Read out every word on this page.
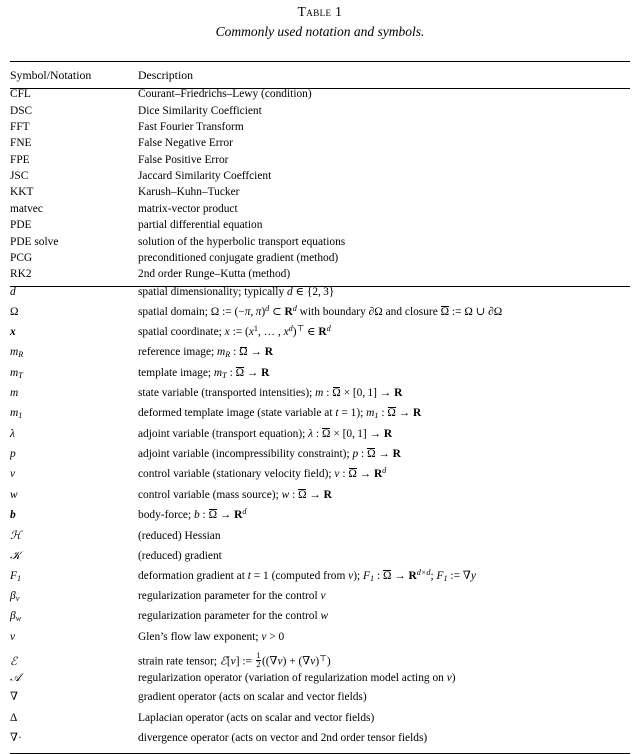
Table 1
Commonly used notation and symbols.
Symbol/Notation	Description
CFL	Courant–Friedrichs–Lewy (condition)
DSC	Dice Similarity Coefficient
FFT	Fast Fourier Transform
FNE	False Negative Error
FPE	False Positive Error
JSC	Jaccard Similarity Coeffcient
KKT	Karush–Kuhn–Tucker
matvec	matrix-vector product
PDE	partial differential equation
PDE solve	solution of the hyperbolic transport equations
PCG	preconditioned conjugate gradient (method)
RK2	2nd order Runge–Kutta (method)
d	spatial dimensionality; typically d ∈ {2, 3}
Ω	spatial domain; Ω := (−π, π)$^d$ ⊂ $R^d$ with boundary ∂Ω and closure Ω := Ω ∪ ∂Ω
x	spatial coordinate; x := ($x^1$, … , $x^d)^⊤$ ∈ $R^d$
$m_R$	reference image; $m_R$ : Ω → R
$m_T$	template image; $m_T$ : Ω → R
m	state variable (transported intensities); m : Ω × [0, 1] → R
$m_1$	deformed template image (state variable at t = 1); $m_1$ : Ω → R
λ	adjoint variable (transport equation); λ : Ω × [0, 1] → R
p	adjoint variable (incompressibility constraint); p : Ω → R
v	control variable (stationary velocity field); v : $\Omega \to R^d$
w	control variable (mass source); w : Ω → R
b	body-force; b : $\Omega \to R^d$
ℋ	(reduced) Hessian
𝒦	(reduced) gradient
$F_1$	deformation gradient at t = 1 (computed from v); $F_1$ : $\Omega \to R^{d\times d}$; $F_1$ := ∇y
$\beta_v$	regularization parameter for the control v
$\beta_w$	regularization parameter for the control w
ν	Glen’s flow law exponent; ν > 0
ℰ	strain rate tensor; ℰ[v] := $\frac{1}{2} ((\nabla v) + (\nabla v)^⊤)$
𝒜	regularization operator (variation of regularization model acting on v)
∇	gradient operator (acts on scalar and vector fields)
Δ	Laplacian operator (acts on scalar and vector fields)
∇·	divergence operator (acts on vector and 2nd order tensor fields)
